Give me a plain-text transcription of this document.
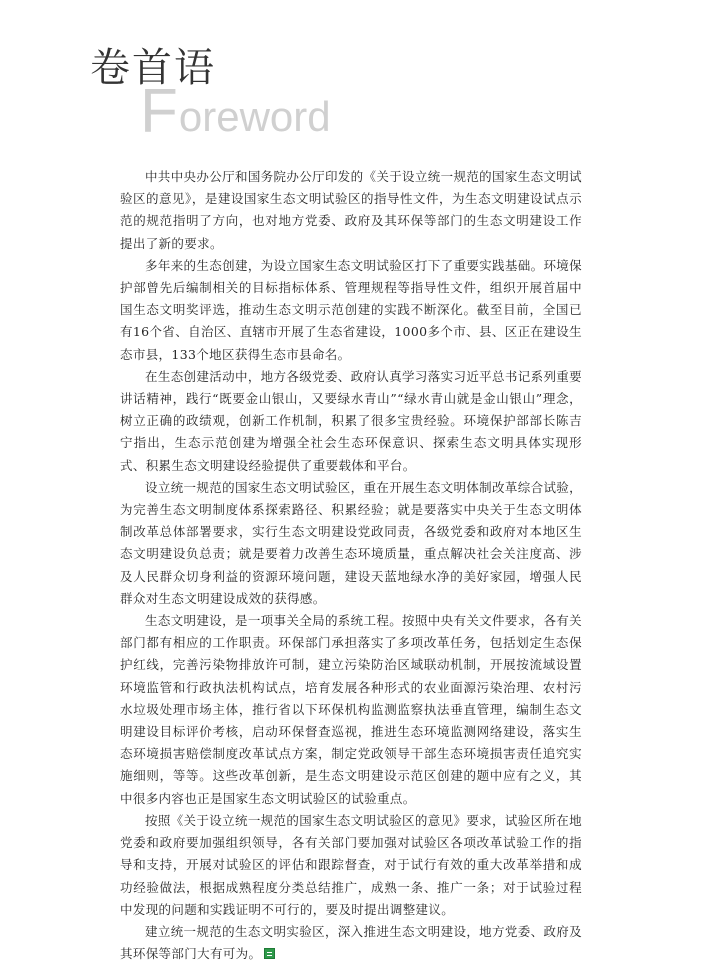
卷首语
Foreword

中共中央办公厅和国务院办公厅印发的《关于设立统一规范的国家生态文明试验区的意见》，是建设国家生态文明试验区的指导性文件，为生态文明建设试点示范的规范指明了方向，也对地方党委、政府及其环保等部门的生态文明建设工作提出了新的要求。

多年来的生态创建，为设立国家生态文明试验区打下了重要实践基础。环境保护部曾先后编制相关的目标指标体系、管理规程等指导性文件，组织开展首届中国生态文明奖评选，推动生态文明示范创建的实践不断深化。截至目前，全国已有16个省、自治区、直辖市开展了生态省建设，1000多个市、县、区正在建设生态市县，133个地区获得生态市县命名。

在生态创建活动中，地方各级党委、政府认真学习落实习近平总书记系列重要讲话精神，践行“既要金山银山，又要绿水青山”“绿水青山就是金山银山”理念，树立正确的政绩观，创新工作机制，积累了很多宝贵经验。环境保护部部长陈吉宁指出，生态示范创建为增强全社会生态环保意识、探索生态文明具体实现形式、积累生态文明建设经验提供了重要载体和平台。

设立统一规范的国家生态文明试验区，重在开展生态文明体制改革综合试验，为完善生态文明制度体系探索路径、积累经验；就是要落实中央关于生态文明体制改革总体部署要求，实行生态文明建设党政同责，各级党委和政府对本地区生态文明建设负总责；就是要着力改善生态环境质量，重点解决社会关注度高、涉及人民群众切身利益的资源环境问题，建设天蓝地绿水净的美好家园，增强人民群众对生态文明建设成效的获得感。

生态文明建设，是一项事关全局的系统工程。按照中央有关文件要求，各有关部门都有相应的工作职责。环保部门承担落实了多项改革任务，包括划定生态保护红线，完善污染物排放许可制，建立污染防治区域联动机制，开展按流域设置环境监管和行政执法机构试点，培育发展各种形式的农业面源污染治理、农村污水垃圾处理市场主体，推行省以下环保机构监测监察执法垂直管理，编制生态文明建设目标评价考核，启动环保督查巡视，推进生态环境监测网络建设，落实生态环境损害赔偿制度改革试点方案，制定党政领导干部生态环境损害责任追究实施细则，等等。这些改革创新，是生态文明建设示范区创建的题中应有之义，其中很多内容也正是国家生态文明试验区的试验重点。

按照《关于设立统一规范的国家生态文明试验区的意见》要求，试验区所在地党委和政府要加强组织领导，各有关部门要加强对试验区各项改革试验工作的指导和支持，开展对试验区的评估和跟踪督查，对于试行有效的重大改革举措和成功经验做法，根据成熟程度分类总结推广，成熟一条、推广一条；对于试验过程中发现的问题和实践证明不可行的，要及时提出调整建议。

建立统一规范的生态文明实验区，深入推进生态文明建设，地方党委、政府及其环保等部门大有可为。
